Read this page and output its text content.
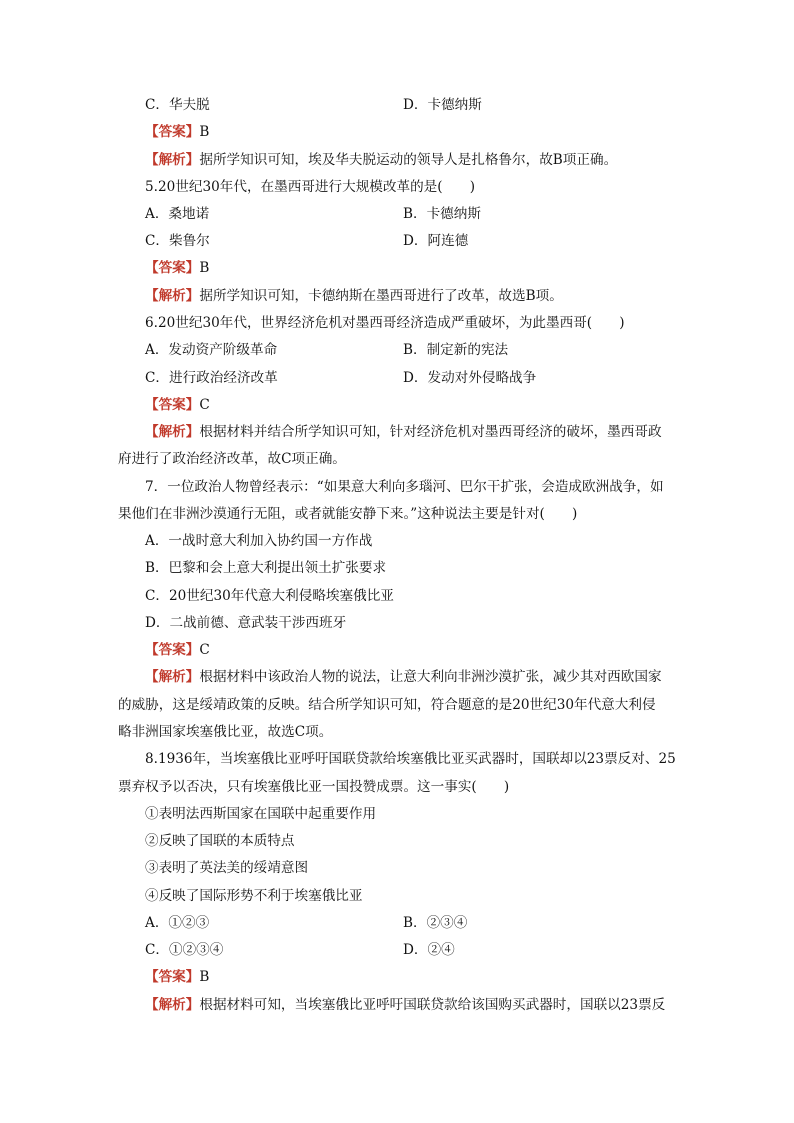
C．华夫脱	D．卡德纳斯
【答案】B
【解析】据所学知识可知，埃及华夫脱运动的领导人是扎格鲁尔，故B项正确。
5.20世纪30年代，在墨西哥进行大规模改革的是(　　)
A．桑地诺	B．卡德纳斯
C．柴鲁尔	D．阿连德
【答案】B
【解析】据所学知识可知，卡德纳斯在墨西哥进行了改革，故选B项。
6.20世纪30年代，世界经济危机对墨西哥经济造成严重破坏，为此墨西哥(　　)
A．发动资产阶级革命	B．制定新的宪法
C．进行政治经济改革	D．发动对外侵略战争
【答案】C
【解析】根据材料并结合所学知识可知，针对经济危机对墨西哥经济的破坏，墨西哥政
府进行了政治经济改革，故C项正确。
7．一位政治人物曾经表示：“如果意大利向多瑙河、巴尔干扩张，会造成欧洲战争，如
果他们在非洲沙漠通行无阻，或者就能安静下来。”这种说法主要是针对(　　)
A．一战时意大利加入协约国一方作战
B．巴黎和会上意大利提出领土扩张要求
C．20世纪30年代意大利侵略埃塞俄比亚
D．二战前德、意武装干涉西班牙
【答案】C
【解析】根据材料中该政治人物的说法，让意大利向非洲沙漠扩张，减少其对西欧国家
的威胁，这是绥靖政策的反映。结合所学知识可知，符合题意的是20世纪30年代意大利侵
略非洲国家埃塞俄比亚，故选C项。
8.1936年，当埃塞俄比亚呼吁国联贷款给埃塞俄比亚买武器时，国联却以23票反对、25
票弃权予以否决，只有埃塞俄比亚一国投赞成票。这一事实(　　)
①表明法西斯国家在国联中起重要作用
②反映了国联的本质特点
③表明了英法美的绥靖意图
④反映了国际形势不利于埃塞俄比亚
A．①②③	B．②③④
C．①②③④	D．②④
【答案】B
【解析】根据材料可知，当埃塞俄比亚呼吁国联贷款给该国购买武器时，国联以23票反
